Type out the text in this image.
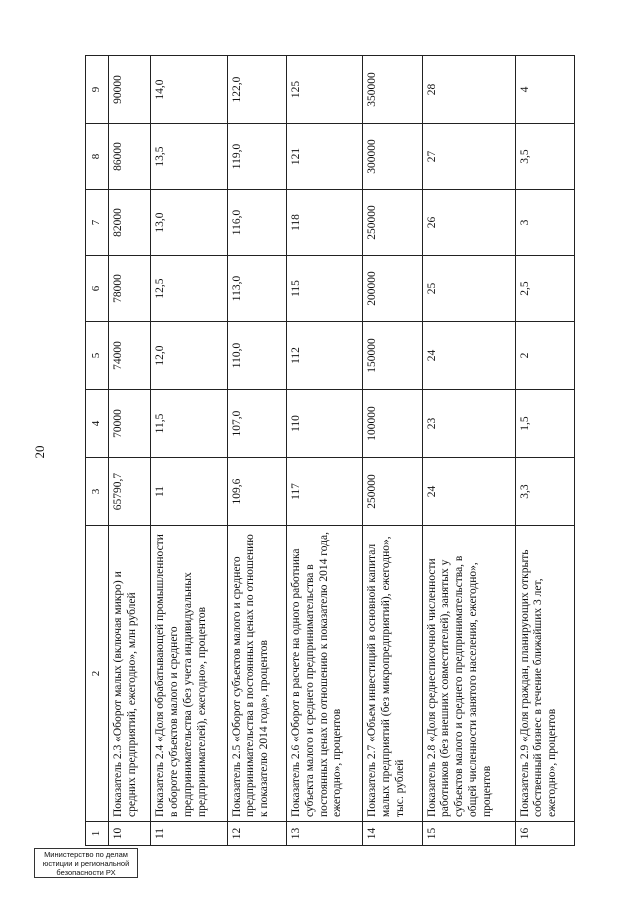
20
1	2	3	4	5	6	7	8	9
10	Показатель 2.3 «Оборот малых (включая микро) и средних предприятий, ежегодно», млн рублей	65790,7	70000	74000	78000	82000	86000	90000
11	Показатель 2.4 «Доля обрабатывающей промышленности в обороте субъектов малого и среднего предпринимательства (без учета индивидуальных предпринимателей), ежегодно», процентов	11	11,5	12,0	12,5	13,0	13,5	14,0
12	Показатель 2.5 «Оборот субъектов малого и среднего предпринимательства в постоянных ценах по отношению к показателю 2014 года», процентов	109,6	107,0	110,0	113,0	116,0	119,0	122,0
13	Показатель 2.6 «Оборот в расчете на одного работника субъекта малого и среднего предпринимательства в постоянных ценах по отношению к показателю 2014 года, ежегодно», процентов	117	110	112	115	118	121	125
14	Показатель 2.7 «Объем инвестиций в основной капитал малых предприятий (без микропредприятий), ежегодно», тыс. рублей	250000	100000	150000	200000	250000	300000	350000
15	Показатель 2.8 «Доля среднесписочной численности работников (без внешних совместителей), занятых у субъектов малого и среднего предпринимательства, в общей численности занятого населения, ежегодно», процентов	24	23	24	25	26	27	28
16	Показатель 2.9 «Доля граждан, планирующих открыть собственный бизнес в течение ближайших 3 лет, ежегодно», процентов	3,3	1,5	2	2,5	3	3,5	4
Министерство по делам
юстиции и региональной
безопасности РХ
